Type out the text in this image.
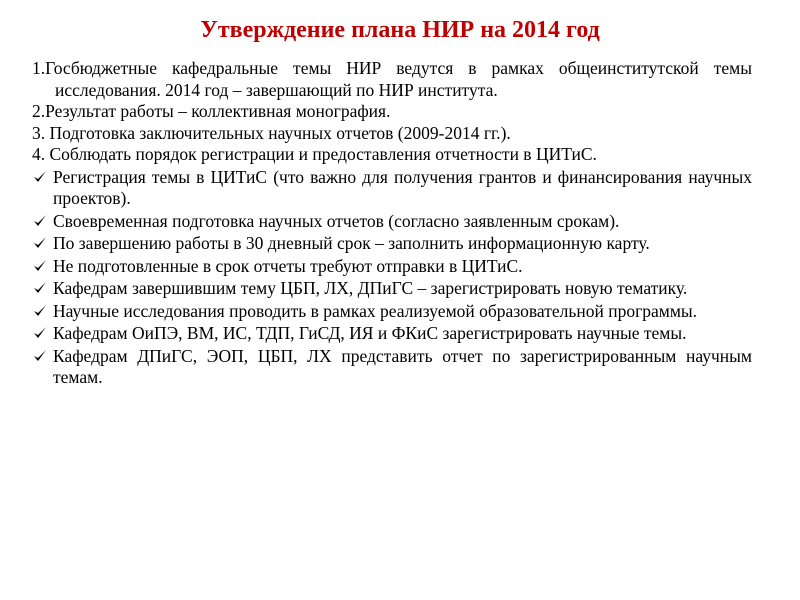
Утверждение плана НИР на 2014 год

1.Госбюджетные кафедральные темы НИР ведутся в рамках общеинститутской темы исследования. 2014 год – завершающий по НИР института.

2.Результат работы – коллективная монография.

3. Подготовка заключительных научных отчетов (2009-2014 гг.).

4. Соблюдать порядок регистрации и предоставления отчетности в ЦИТиС.

Регистрация темы в ЦИТиС (что важно для получения грантов и финансирования научных проектов).
Своевременная подготовка научных отчетов (согласно заявленным срокам).
По завершению работы в 30 дневный срок – заполнить информационную карту.
Не подготовленные в срок отчеты требуют отправки в ЦИТиС.
Кафедрам завершившим тему ЦБП, ЛХ, ДПиГС – зарегистрировать новую тематику.
Научные исследования проводить в рамках реализуемой образовательной программы.
Кафедрам ОиПЭ, ВМ, ИС, ТДП, ГиСД, ИЯ и ФКиС зарегистрировать научные темы.
Кафедрам ДПиГС, ЭОП, ЦБП, ЛХ представить отчет по зарегистрированным научным темам.
